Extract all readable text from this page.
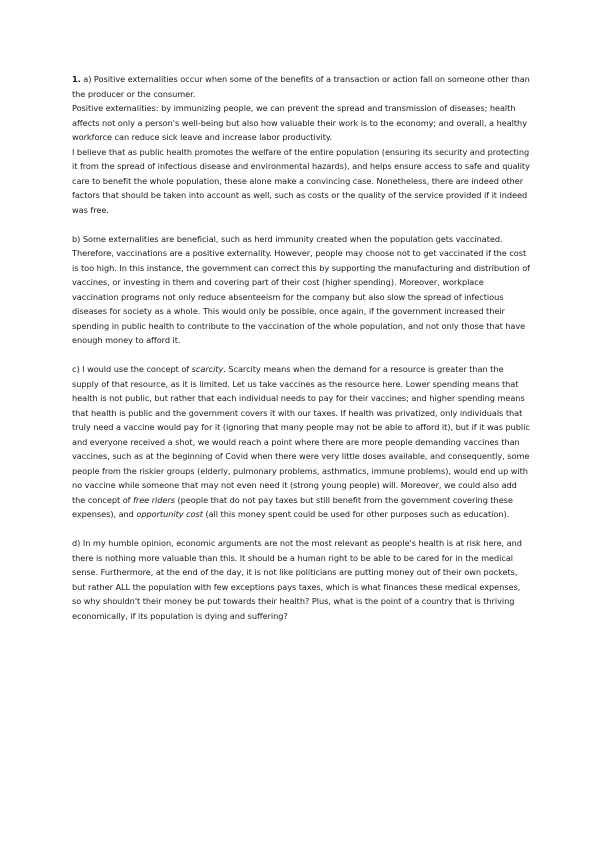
1. a) Positive externalities occur when some of the benefits of a transaction or action fall on someone other than the producer or the consumer.

Positive externalities: by immunizing people, we can prevent the spread and transmission of diseases; health affects not only a person's well-being but also how valuable their work is to the economy; and overall, a healthy workforce can reduce sick leave and increase labor productivity.

I believe that as public health promotes the welfare of the entire population (ensuring its security and protecting it from the spread of infectious disease and environmental hazards), and helps ensure access to safe and quality care to benefit the whole population, these alone make a convincing case. Nonetheless, there are indeed other factors that should be taken into account as well, such as costs or the quality of the service provided if it indeed was free.

b) Some externalities are beneficial, such as herd immunity created when the population gets vaccinated. Therefore, vaccinations are a positive externality. However, people may choose not to get vaccinated if the cost is too high. In this instance, the government can correct this by supporting the manufacturing and distribution of vaccines, or investing in them and covering part of their cost (higher spending). Moreover, workplace vaccination programs not only reduce absenteeism for the company but also slow the spread of infectious diseases for society as a whole. This would only be possible, once again, if the government increased their spending in public health to contribute to the vaccination of the whole population, and not only those that have enough money to afford it.

c) I would use the concept of scarcity. Scarcity means when the demand for a resource is greater than the supply of that resource, as it is limited. Let us take vaccines as the resource here. Lower spending means that health is not public, but rather that each individual needs to pay for their vaccines; and higher spending means that health is public and the government covers it with our taxes. If health was privatized, only individuals that truly need a vaccine would pay for it (ignoring that many people may not be able to afford it), but if it was public and everyone received a shot, we would reach a point where there are more people demanding vaccines than vaccines, such as at the beginning of Covid when there were very little doses available, and consequently, some people from the riskier groups (elderly, pulmonary problems, asthmatics, immune problems), would end up with no vaccine while someone that may not even need it (strong young people) will. Moreover, we could also add the concept of free riders (people that do not pay taxes but still benefit from the government covering these expenses), and opportunity cost (all this money spent could be used for other purposes such as education).

d) In my humble opinion, economic arguments are not the most relevant as people's health is at risk here, and there is nothing more valuable than this. It should be a human right to be able to be cared for in the medical sense. Furthermore, at the end of the day, it is not like politicians are putting money out of their own pockets, but rather ALL the population with few exceptions pays taxes, which is what finances these medical expenses, so why shouldn't their money be put towards their health? Plus, what is the point of a country that is thriving economically, if its population is dying and suffering?
